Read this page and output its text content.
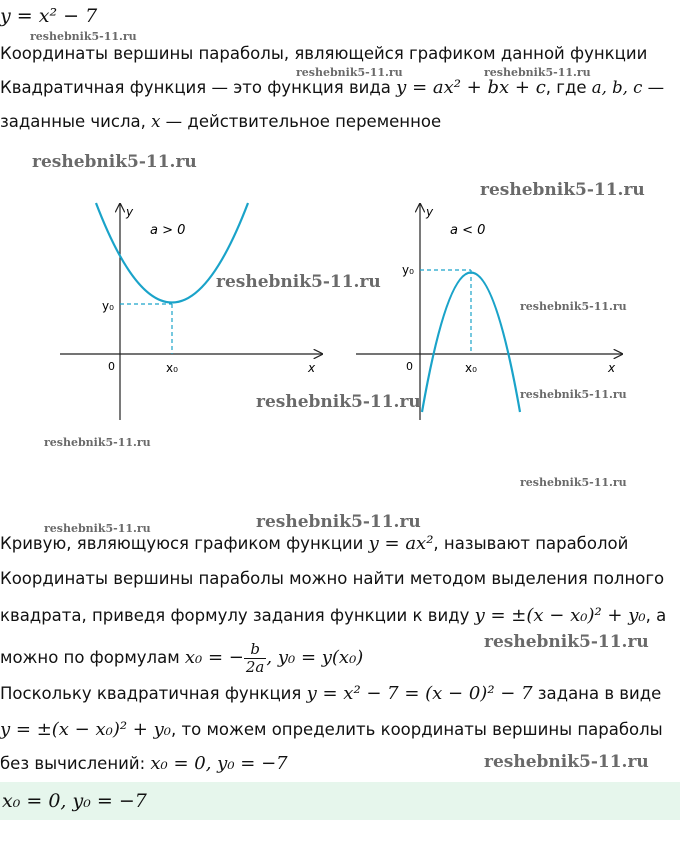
y = x² − 7
Координаты вершины параболы, являющейся графиком данной функции
Квадратичная функция — это функция вида y = ax² + bx + c, где a, b, c —
заданные числа, x — действительное переменное
y
x
0	x₀
y₀
a > 0
y
x
0	x₀
y₀
a < 0
Кривую, являющуюся графиком функции y = ax², называют параболой
Координаты вершины параболы можно найти методом выделения полного
квадрата, приведя формулу задания функции к виду y = ±(x − x₀)² + y₀, а
можно по формулам x₀ = − $\frac{b}{2a}$ , y₀ = y(x₀)
Поскольку квадратичная функция y = x² − 7 = (x − 0)² − 7 задана в виде
y = ±(x − x₀)² + y₀, то можем определить координаты вершины параболы
без вычислений: x₀ = 0, y₀ = −7
x₀ = 0, y₀ = −7
reshebnik5-11.ru
reshebnik5-11.ru	reshebnik5-11.ru
reshebnik5-11.ru
reshebnik5-11.ru
reshebnik5-11.ru
reshebnik5-11.ru
reshebnik5-11.ru	reshebnik5-11.ru
reshebnik5-11.ru
reshebnik5-11.ru
reshebnik5-11.ru	reshebnik5-11.ru
reshebnik5-11.ru
reshebnik5-11.ru
